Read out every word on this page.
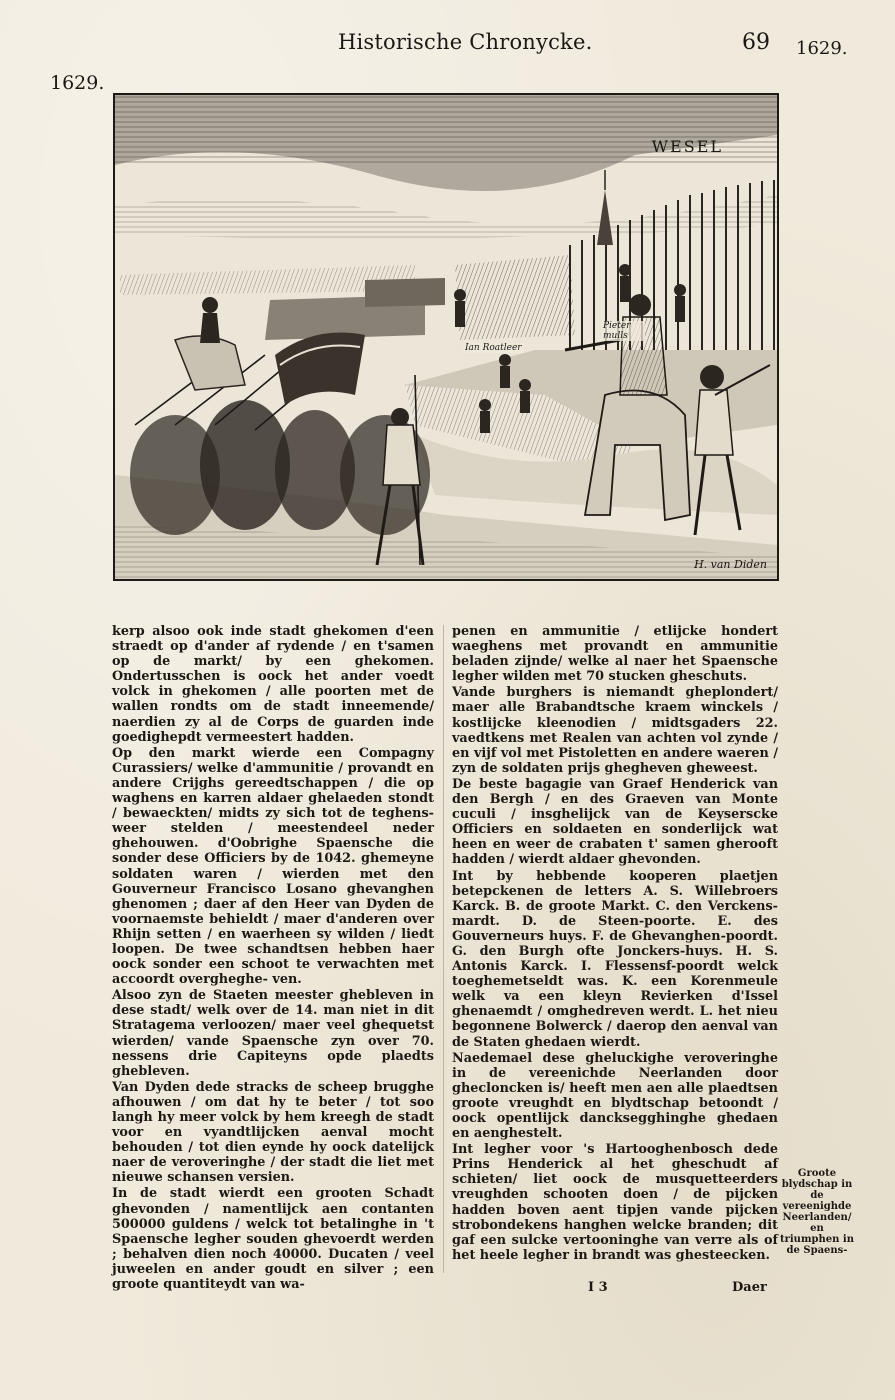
Historische Chronycke.	69	1629.
1629.
WESEL
Ian Roatleer
Pieter mulls
H. van Diden

kerp alsoo ook inde stadt ghekomen d'een straedt op d'ander af rydende / en t'samen op de markt/ by een ghekomen. Ondertusschen is oock het ander voedt volck in ghekomen / alle poorten met de wallen rondts om de stadt inneemende/ naerdien zy al de Corps de guarden inde goedighepdt vermeestert hadden.

Op den markt wierde een Compagny Curassiers/ welke d'ammunitie / provandt en andere Crijghs gereedtschappen / die op waghens en karren aldaer ghelaeden stondt / bewaeckten/ midts zy sich tot de teghens-weer stelden / meestendeel neder ghehouwen. d'Oobrighe Spaensche die sonder dese Officiers by de 1042. ghemeyne soldaten waren / wierden met den Gouverneur Francisco Losano ghevanghen ghenomen ; daer af den Heer van Dyden de voornaemste behieldt / maer d'anderen over Rhijn setten / en waerheen sy wilden / liedt loopen. De twee schandtsen hebben haer oock sonder een schoot te verwachten met accoordt overgheghe- ven.

Alsoo zyn de Staeten meester ghebleven in dese stadt/ welk over de 14. man niet in dit Stratagema verloozen/ maer veel ghequetst wierden/ vande Spaensche zyn over 70. nessens drie Capiteyns opde plaedts ghebleven.

Van Dyden dede stracks de scheep brugghe afhouwen / om dat hy te beter / tot soo langh hy meer volck by hem kreegh de stadt voor en vyandtlijcken aenval mocht behouden / tot dien eynde hy oock datelijck naer de veroveringhe / der stadt die liet met nieuwe schansen versien.

In de stadt wierdt een grooten Schadt ghevonden / namentlijck aen contanten 500000 guldens / welck tot betalinghe in 't Spaensche legher souden ghevoerdt werden ; behalven dien noch 40000. Ducaten / veel juweelen en ander goudt en silver ; een groote quantiteydt van wa-

penen en ammunitie / etlijcke hondert waeghens met provandt en ammunitie beladen zijnde/ welke al naer het Spaensche legher wilden met 70 stucken gheschuts.

Vande burghers is niemandt gheplondert/ maer alle Brabandtsche kraem winckels / kostlijcke kleenodien / midtsgaders 22. vaedtkens met Realen van achten vol zynde / en vijf vol met Pistoletten en andere waeren / zyn de soldaten prijs ghegheven gheweest.

De beste bagagie van Graef Henderick van den Bergh / en des Graeven van Monte cuculi / insghelijck van de Keyserscke Officiers en soldaeten en sonderlijck wat heen en weer de crabaten t' samen gherooft hadden / wierdt aldaer ghevonden.

Int by hebbende kooperen plaetjen betepckenen de letters A. S. Willebroers Karck. B. de groote Markt. C. den Verckens-mardt. D. de Steen-poorte. E. des Gouverneurs huys. F. de Ghevanghen-poordt. G. den Burgh ofte Jonckers-huys. H. S. Antonis Karck. I. Flessensf-poordt welck toeghemetseldt was. K. een Korenmeule welk va een kleyn Revierken d'Issel ghenaemdt / omghedreven werdt. L. het nieu begonnene Bolwerck / daerop den aenval van de Staten ghedaen wierdt.

Naedemael dese gheluckighe veroveringhe in de vereenichde Neerlanden door ghecloncken is/ heeft men aen alle plaedtsen groote vreughdt en blydtschap betoondt / oock opentlijck dancksegghinghe ghedaen en aenghestelt.

Int legher voor 's Hartooghenbosch dede Prins Henderick al het gheschudt af schieten/ liet oock de musquetteerders vreughden schooten doen / de pijcken hadden boven aent tipjen vande pijcken strobondekens hanghen welcke branden; dit gaf een sulcke vertooninghe van verre als of het heele legher in brandt was ghesteecken.

Groote blydschap in de vereenighde Neerlanden/ en triumphen in de Spaens-
I 3	Daer
